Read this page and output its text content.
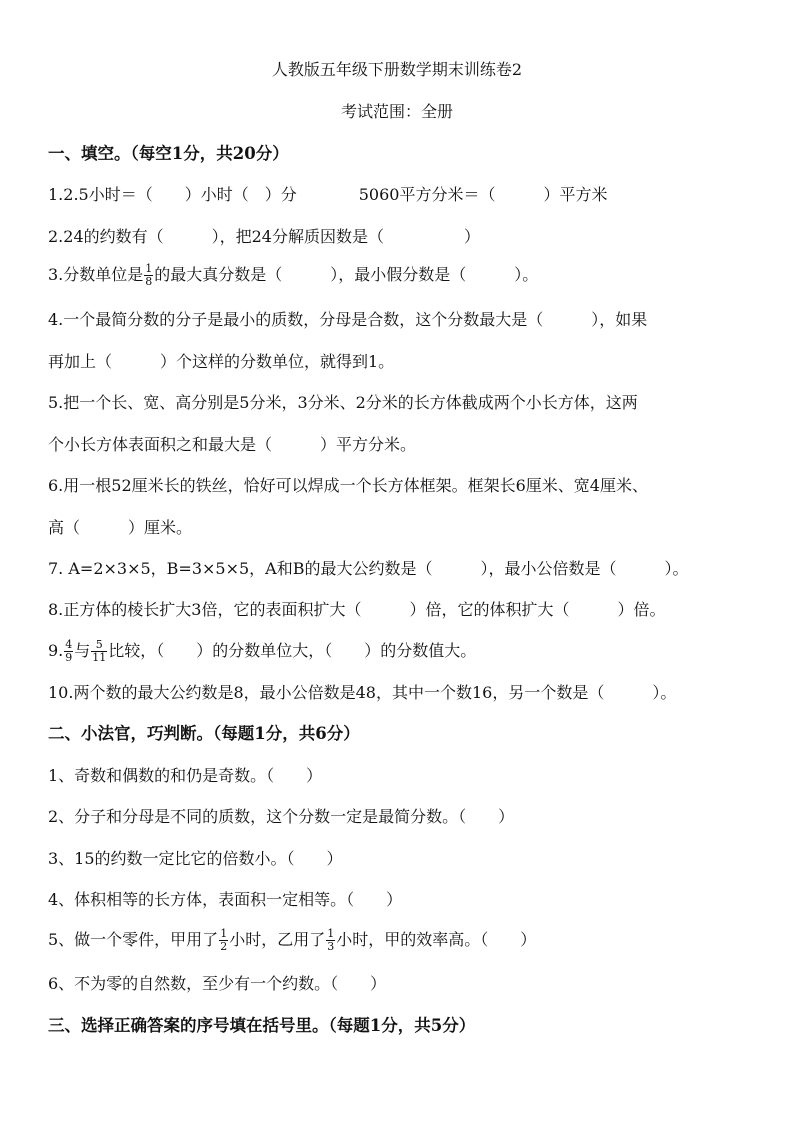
人教版五年级下册数学期末训练卷2
考试范围：全册
一、填空。（每空1分，共20分）
1.2.5小时＝（　　）小时（　）分	5060平方分米＝（　　　）平方米
2.24的约数有（　　　），把24分解质因数是（　　　　　）
3.分数单位是 $\frac{1}{8}$ 的最大真分数是（　　　），最小假分数是（　　　）。
4.一个最简分数的分子是最小的质数，分母是合数，这个分数最大是（　　　），如果
再加上（　　　）个这样的分数单位，就得到1。
5.把一个长、宽、高分别是5分米，3分米、2分米的长方体截成两个小长方体，这两
个小长方体表面积之和最大是（　　　）平方分米。
6.用一根52厘米长的铁丝，恰好可以焊成一个长方体框架。框架长6厘米、宽4厘米、
高（　　　）厘米。
7. A=2×3×5，B=3×5×5，A和B的最大公约数是（　　　），最小公倍数是（　　　）。
8.正方体的棱长扩大3倍，它的表面积扩大（　　　）倍，它的体积扩大（　　　）倍。
9. $\frac{4}{9}$ 与 $\frac{5}{11}$ 比较，（　　）的分数单位大，（　　）的分数值大。
10.两个数的最大公约数是8，最小公倍数是48，其中一个数16，另一个数是（　　　）。
二、小法官，巧判断。（每题1分，共6分）
1、奇数和偶数的和仍是奇数。（　　）
2、分子和分母是不同的质数，这个分数一定是最简分数。（　　）
3、15的约数一定比它的倍数小。（　　）
4、体积相等的长方体，表面积一定相等。（　　）
5、做一个零件，甲用了 $\frac{1}{2}$ 小时，乙用了 $\frac{1}{3}$ 小时，甲的效率高。（　　）
6、不为零的自然数，至少有一个约数。（　　）
三、选择正确答案的序号填在括号里。（每题1分，共5分）
